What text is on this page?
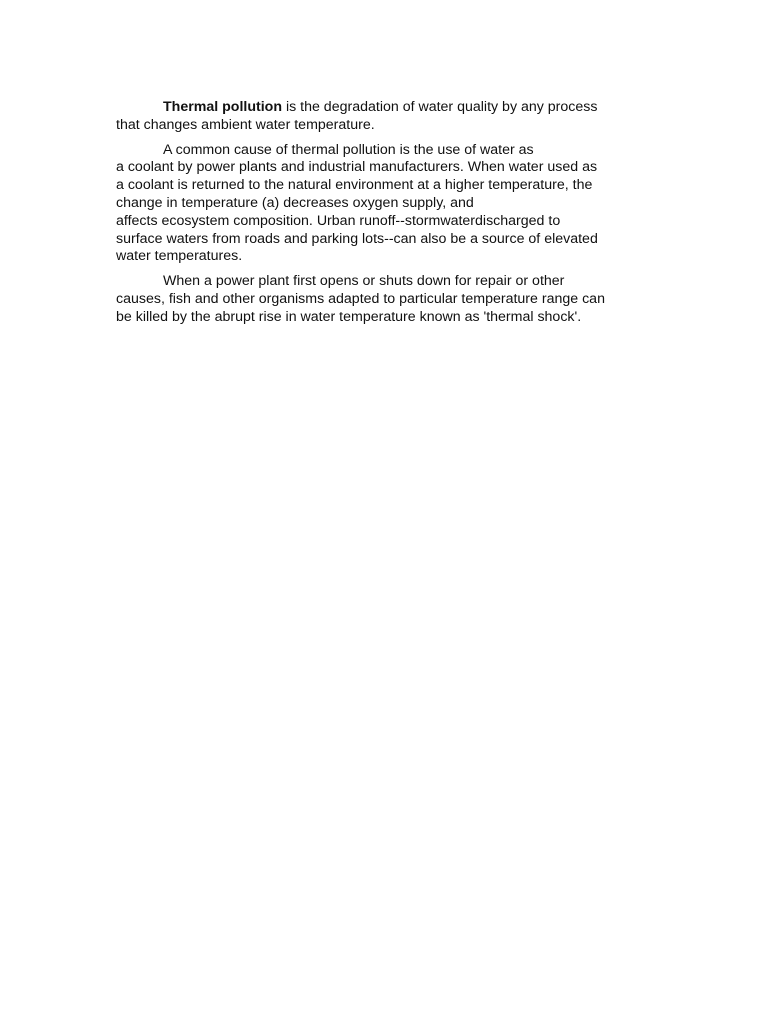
Thermal pollution is the degradation of water quality by any process
that changes ambient water temperature.

A common cause of thermal pollution is the use of water as
a coolant by power plants and industrial manufacturers. When water used as
a coolant is returned to the natural environment at a higher temperature, the
change in temperature (a) decreases oxygen supply, and
affects ecosystem composition. Urban runoff--stormwaterdischarged to
surface waters from roads and parking lots--can also be a source of elevated
water temperatures.

When a power plant first opens or shuts down for repair or other
causes, fish and other organisms adapted to particular temperature range can
be killed by the abrupt rise in water temperature known as 'thermal shock'.
